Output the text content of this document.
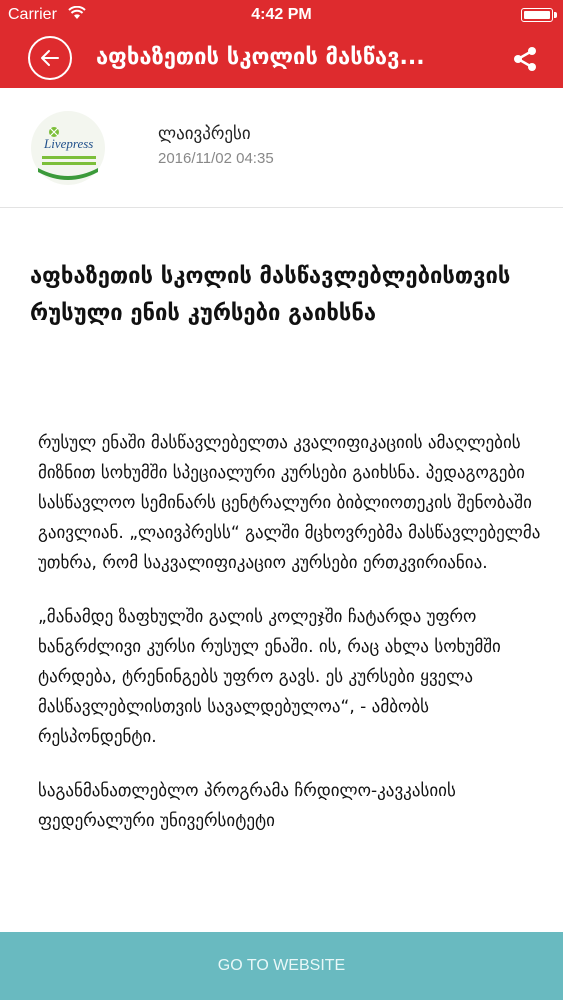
Carrier	4:42 PM
აფხაზეთის სკოლის მასწავ...
Livepress	ლაივპრესი
2016/11/02 04:35
აფხაზეთის სკოლის მასწავლებლებისთვის რუსული ენის კურსები გაიხსნა

რუსულ ენაში მასწავლებელთა კვალიფიკაციის ამაღლების მიზნით სოხუმში სპეციალური კურსები გაიხსნა. პედაგოგები სასწავლოო სემინარს ცენტრალური ბიბლიოთეკის შენობაში გაივლიან. „ლაივპრესს“ გალში მცხოვრებმა მასწავლებელმა უთხრა, რომ საკვალიფიკაციო კურსები ერთკვირიანია.

„მანამდე ზაფხულში გალის კოლეჯში ჩატარდა უფრო ხანგრძლივი კურსი რუსულ ენაში. ის, რაც ახლა სოხუმში ტარდება, ტრენინგებს უფრო გავს. ეს კურსები ყველა მასწავლებლისთვის სავალდებულოა“, - ამბობს რესპონდენტი.

საგანმანათლებლო პროგრამა ჩრდილო-კავკასიის ფედერალური უნივერსიტეტი

GO TO WEBSITE
